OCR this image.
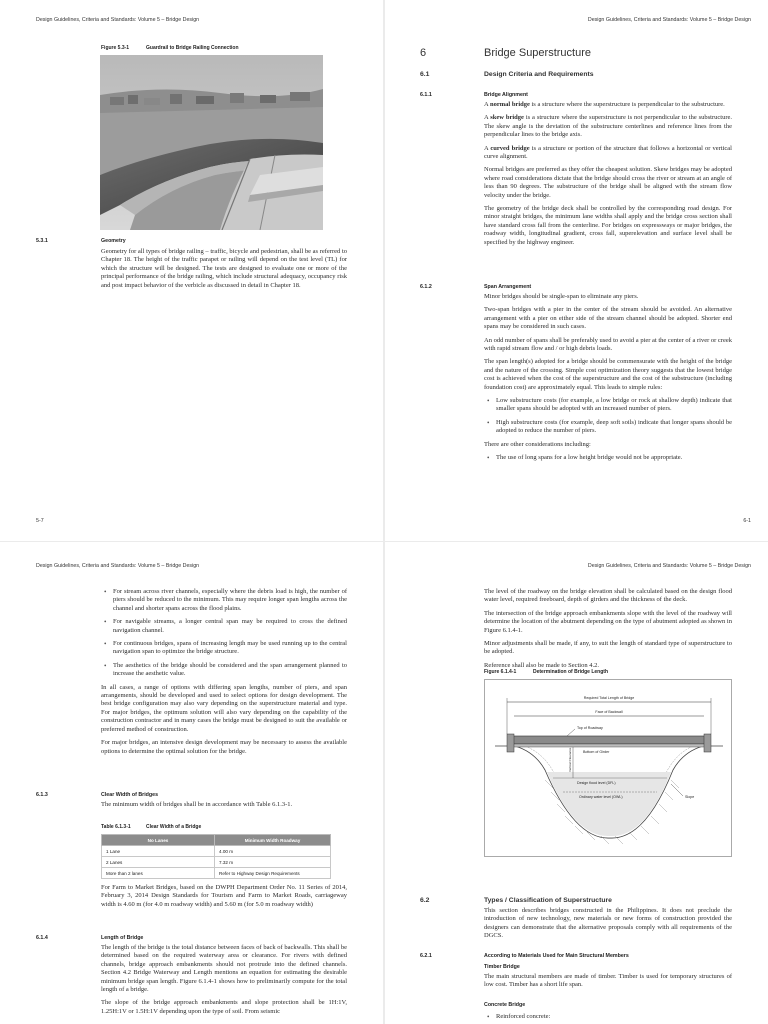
Design Guidelines, Criteria and Standards: Volume 5 – Bridge Design
Figure 5.3-1	Guardrail to Bridge Railing Connection
5.3.1	Geometry

Geometry for all types of bridge railing – traffic, bicycle and pedestrian, shall be as referred to Chapter 18. The height of the traffic parapet or railing will depend on the test level (TL) for which the structure will be designed. The tests are designed to evaluate one or more of the principal performance of the bridge railing, which include structural adequacy, occupancy risk and post impact behavior of the verbicle as discussed in detail in Chapter 18.

5-7
Design Guidelines, Criteria and Standards: Volume 5 – Bridge Design
6	Bridge Superstructure
6.1	Design Criteria and Requirements
6.1.1	Bridge Alignment

A normal bridge is a structure where the superstructure is perpendicular to the substructure.

A skew bridge is a structure where the superstructure is not perpendicular to the substructure. The skew angle is the deviation of the substructure centerlines and reference lines from the perpendicular lines to the bridge axis.

A curved bridge is a structure or portion of the structure that follows a horizontal or vertical curve alignment.

Normal bridges are preferred as they offer the cheapest solution. Skew bridges may be adopted where road considerations dictate that the bridge should cross the river or stream at an angle of less than 90 degrees. The substructure of the bridge shall be aligned with the stream flow velocity under the bridge.

The geometry of the bridge deck shall be controlled by the corresponding road design. For minor straight bridges, the minimum lane widths shall apply and the bridge cross section shall have standard cross fall from the centerline. For bridges on expressways or major bridges, the roadway width, longitudinal gradient, cross fall, superelevation and surface level shall be specified by the highway engineer.

6.1.2	Span Arrangement

Minor bridges should be single-span to eliminate any piers.

Two-span bridges with a pier in the center of the stream should be avoided. An alternative arrangement with a pier on either side of the stream channel should be adopted. Shorter end spans may be considered in such cases.

An odd number of spans shall be preferably used to avoid a pier at the center of a river or creek with rapid stream flow and / or high debris loads.

The span length(s) adopted for a bridge should be commensurate with the height of the bridge and the nature of the crossing. Simple cost optimization theory suggests that the lowest bridge cost is achieved when the cost of the superstructure and the cost of the substructure (including foundation cost) are approximately equal. This leads to simple rules:

• Low substructure costs (for example, a low bridge or rock at shallow depth) indicate that smaller spans should be adopted with an increased number of piers.
• High substructure costs (for example, deep soft soils) indicate that longer spans should be adopted to reduce the number of piers.

There are other considerations including:

• The use of long spans for a low height bridge would not be appropriate.
6-1
Design Guidelines, Criteria and Standards: Volume 5 – Bridge Design
• For stream across river channels, especially where the debris load is high, the number of piers should be reduced to the minimum. This may require longer span lengths across the channel and shorter spans across the flood plains.
• For navigable streams, a longer central span may be required to cross the defined navigation channel.
• For continuous bridges, spans of increasing length may be used running up to the central navigation span to optimize the bridge structure.
• The aesthetics of the bridge should be considered and the span arrangement planned to increase the aesthetic value.

In all cases, a range of options with differing span lengths, number of piers, and span arrangements, should be developed and used to select options for design development. The best bridge configuration may also vary depending on the superstructure material and type. For major bridges, the optimum solution will also vary depending on the capability of the construction contractor and in many cases the bridge must be designed to suit the available or preferred method of construction.

For major bridges, an intensive design development may be necessary to assess the available options to determine the optimal solution for the bridge.

6.1.3	Clear Width of Bridges

The minimum width of bridges shall be in accordance with Table 6.1.3-1.

Table 6.1.3-1	Clear Width of a Bridge
No Lanes	Minimum Width Roadway
1 Lane	4.00 m
2 Lanes	7.32 m
More than 2 lanes	Refer to Highway Design Requirements

For Farm to Market Bridges, based on the DWPH Department Order No. 11 Series of 2014, February 3, 2014 Design Standards for Tourism and Farm to Market Roads, carriageway width is 4.60 m (for 4.0 m roadway width) and 5.60 m (for 5.0 m roadway width)

6.1.4	Length of Bridge

The length of the bridge is the total distance between faces of back of backwalls. This shall be determined based on the required waterway area or clearance. For rivers with defined channels, bridge approach embankments should not protrude into the defined channels. Section 4.2 Bridge Waterway and Length mentions an equation for estimating the desirable minimum bridge span length. Figure 6.1.4-1 shows how to preliminarily compute for the total length of a bridge.

The slope of the bridge approach embankments and slope protection shall be 1H:1V, 1.25H:1V or 1.5H:1V depending upon the type of soil. From seismic

Design Guidelines, Criteria and Standards: Volume 5 – Bridge Design

The level of the roadway on the bridge elevation shall be calculated based on the design flood water level, required freeboard, depth of girders and the thickness of the deck.

The intersection of the bridge approach embankments slope with the level of the roadway will determine the location of the abutment depending on the type of abutment adopted as shown in Figure 6.1.4-1.

Minor adjustments shall be made, if any, to suit the length of standard type of superstructure to be adopted.

Reference shall also be made to Section 4.2.

Figure 6.1.4-1	Determination of Bridge Length
Required Total Length of Bridge
Face of Backwall
Top of Roadway
Bottom of Girder
Vertical Clearance
Design flood level (DFL)
Ordinary water level (OWL)	Slope
6.2	Types / Classification of Superstructure

This section describes bridges constructed in the Philippines. It does not preclude the introduction of new technology, new materials or new forms of construction provided the designers can demonstrate that the alternative proposals comply with all requirements of the DGCS.

6.2.1	According to Materials Used for Main Structural Members
Timber Bridge

The main structural members are made of timber. Timber is used for temporary structures of low cost. Timber has a short life span.

Concrete Bridge
• Reinforced concrete:
